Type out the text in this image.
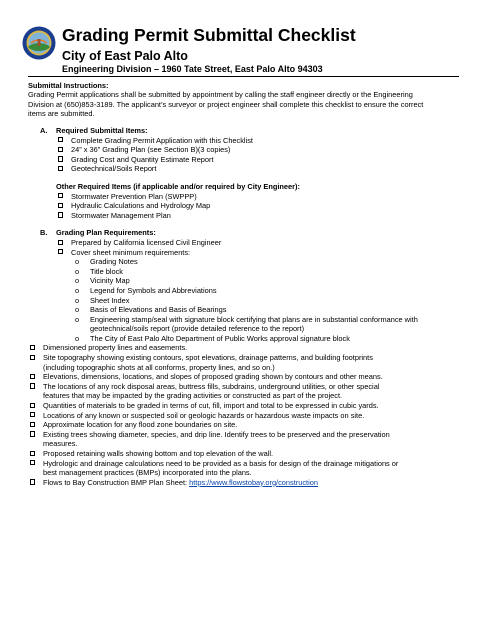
Grading Permit Submittal Checklist
City of East Palo Alto
Engineering Division – 1960 Tate Street, East Palo Alto 94303
Submittal Instructions:
Grading Permit applications shall be submitted by appointment by calling the staff engineer directly or the Engineering
Division at (650)853-3189. The applicant’s surveyor or project engineer shall complete this checklist to ensure the correct
items are submitted.
A. Required Submittal Items:
Complete Grading Permit Application with this Checklist
24” x 36” Grading Plan (see Section B)(3 copies)
Grading Cost and Quantity Estimate Report
Geotechnical/Soils Report
Other Required Items (if applicable and/or required by City Engineer):
Stormwater Prevention Plan (SWPPP)
Hydraulic Calculations and Hydrology Map
Stormwater Management Plan
B. Grading Plan Requirements:
Prepared by California licensed Civil Engineer
Cover sheet minimum requirements:
o Grading Notes
o Title block
o Vicinity Map
o Legend for Symbols and Abbreviations
o Sheet Index
o Basis of Elevations and Basis of Bearings
o Engineering stamp/seal with signature block certifying that plans are in substantial conformance with
geotechnical/soils report (provide detailed reference to the report)
o The City of East Palo Alto Department of Public Works approval signature block
Dimensioned property lines and easements.
Site topography showing existing contours, spot elevations, drainage patterns, and building footprints
(including topographic shots at all conforms, property lines, and so on.)
Elevations, dimensions, locations, and slopes of proposed grading shown by contours and other means.
The locations of any rock disposal areas, buttress fills, subdrains, underground utilities, or other special
features that may be impacted by the grading activities or constructed as part of the project.
Quantities of materials to be graded in terms of cut, fill, import and total to be expressed in cubic yards.
Locations of any known or suspected soil or geologic hazards or hazardous waste impacts on site.
Approximate location for any flood zone boundaries on site.
Existing trees showing diameter, species, and drip line. Identify trees to be preserved and the preservation
measures.
Proposed retaining walls showing bottom and top elevation of the wall.
Hydrologic and drainage calculations need to be provided as a basis for design of the drainage mitigations or
best management practices (BMPs) incorporated into the plans.
Flows to Bay Construction BMP Plan Sheet: https://www.flowstobay.org/construction
